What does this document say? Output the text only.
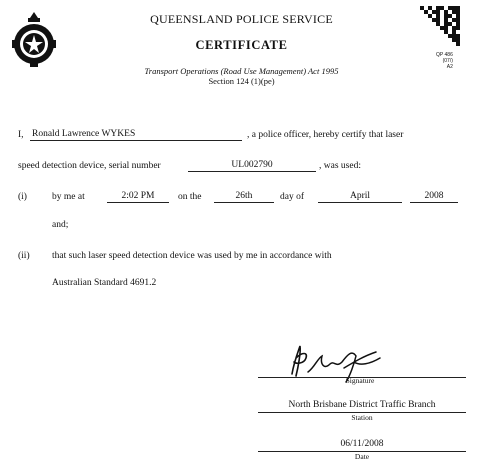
QP 486
(07/)
A2
QUEENSLAND POLICE SERVICE
CERTIFICATE
Transport Operations (Road Use Management) Act 1995
Section 124 (1)(pe)
I, Ronald Lawrence WYKES	, a police officer, hereby certify that laser
speed detection device, serial number	UL002790	, was used:
(i)	by me at	2:02 PM	on the	26th	day of	April	2008
and;
(ii) that such laser speed detection device was used by me in accordance with
Australian Standard 4691.2
Signature
North Brisbane District Traffic Branch
Station
06/11/2008
Date
